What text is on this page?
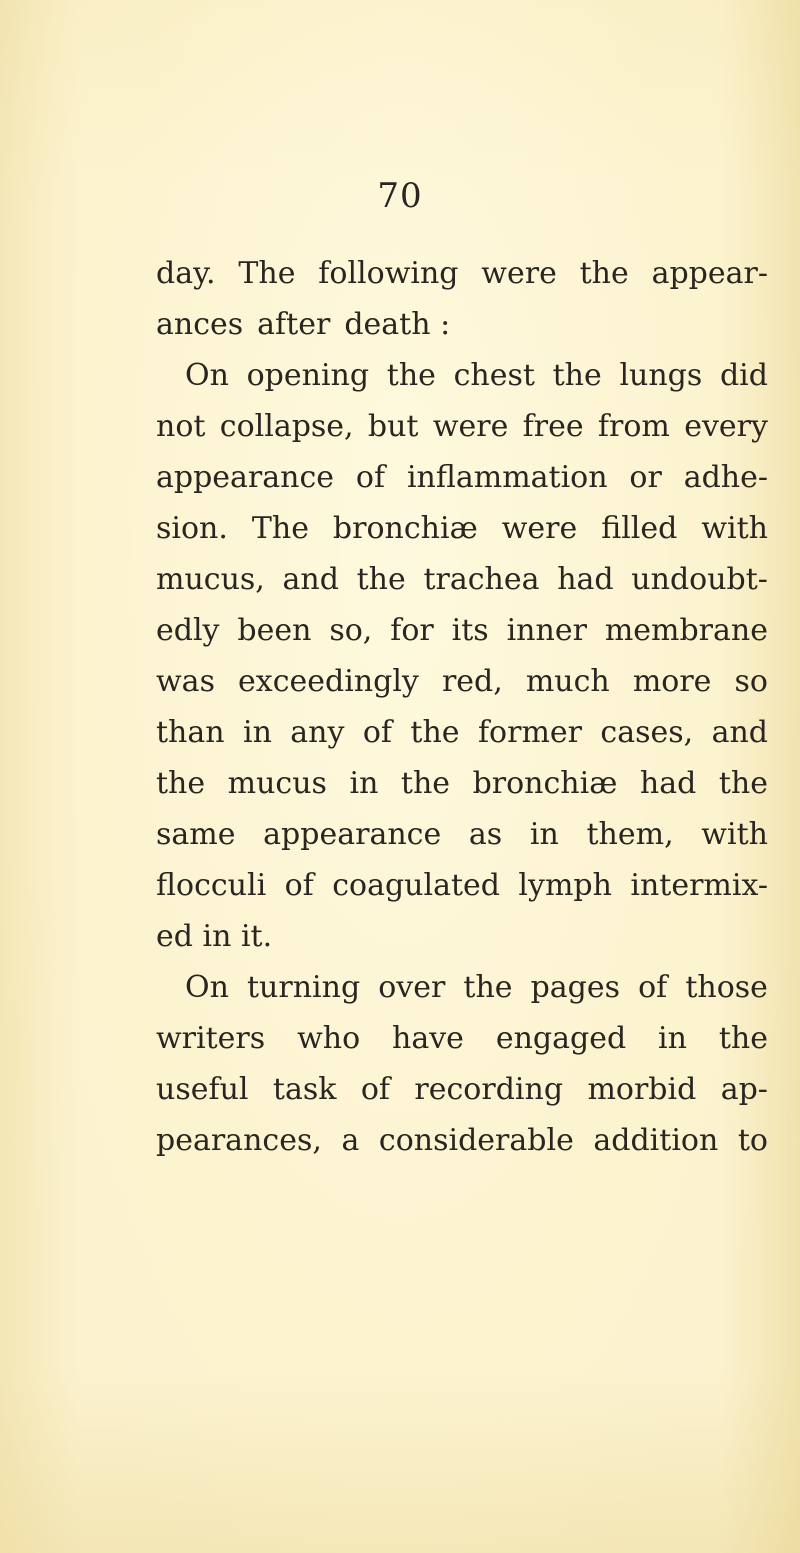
70
day. The following were the appear-
ances after death :
On opening the chest the lungs did
not collapse, but were free from every
appearance of inflammation or adhe-
sion. The bronchiæ were filled with
mucus, and the trachea had undoubt-
edly been so, for its inner membrane
was exceedingly red, much more so
than in any of the former cases, and
the mucus in the bronchiæ had the
same appearance as in them, with
flocculi of coagulated lymph intermix-
ed in it.
On turning over the pages of those
writers who have engaged in the
useful task of recording morbid ap-
pearances, a considerable addition to
